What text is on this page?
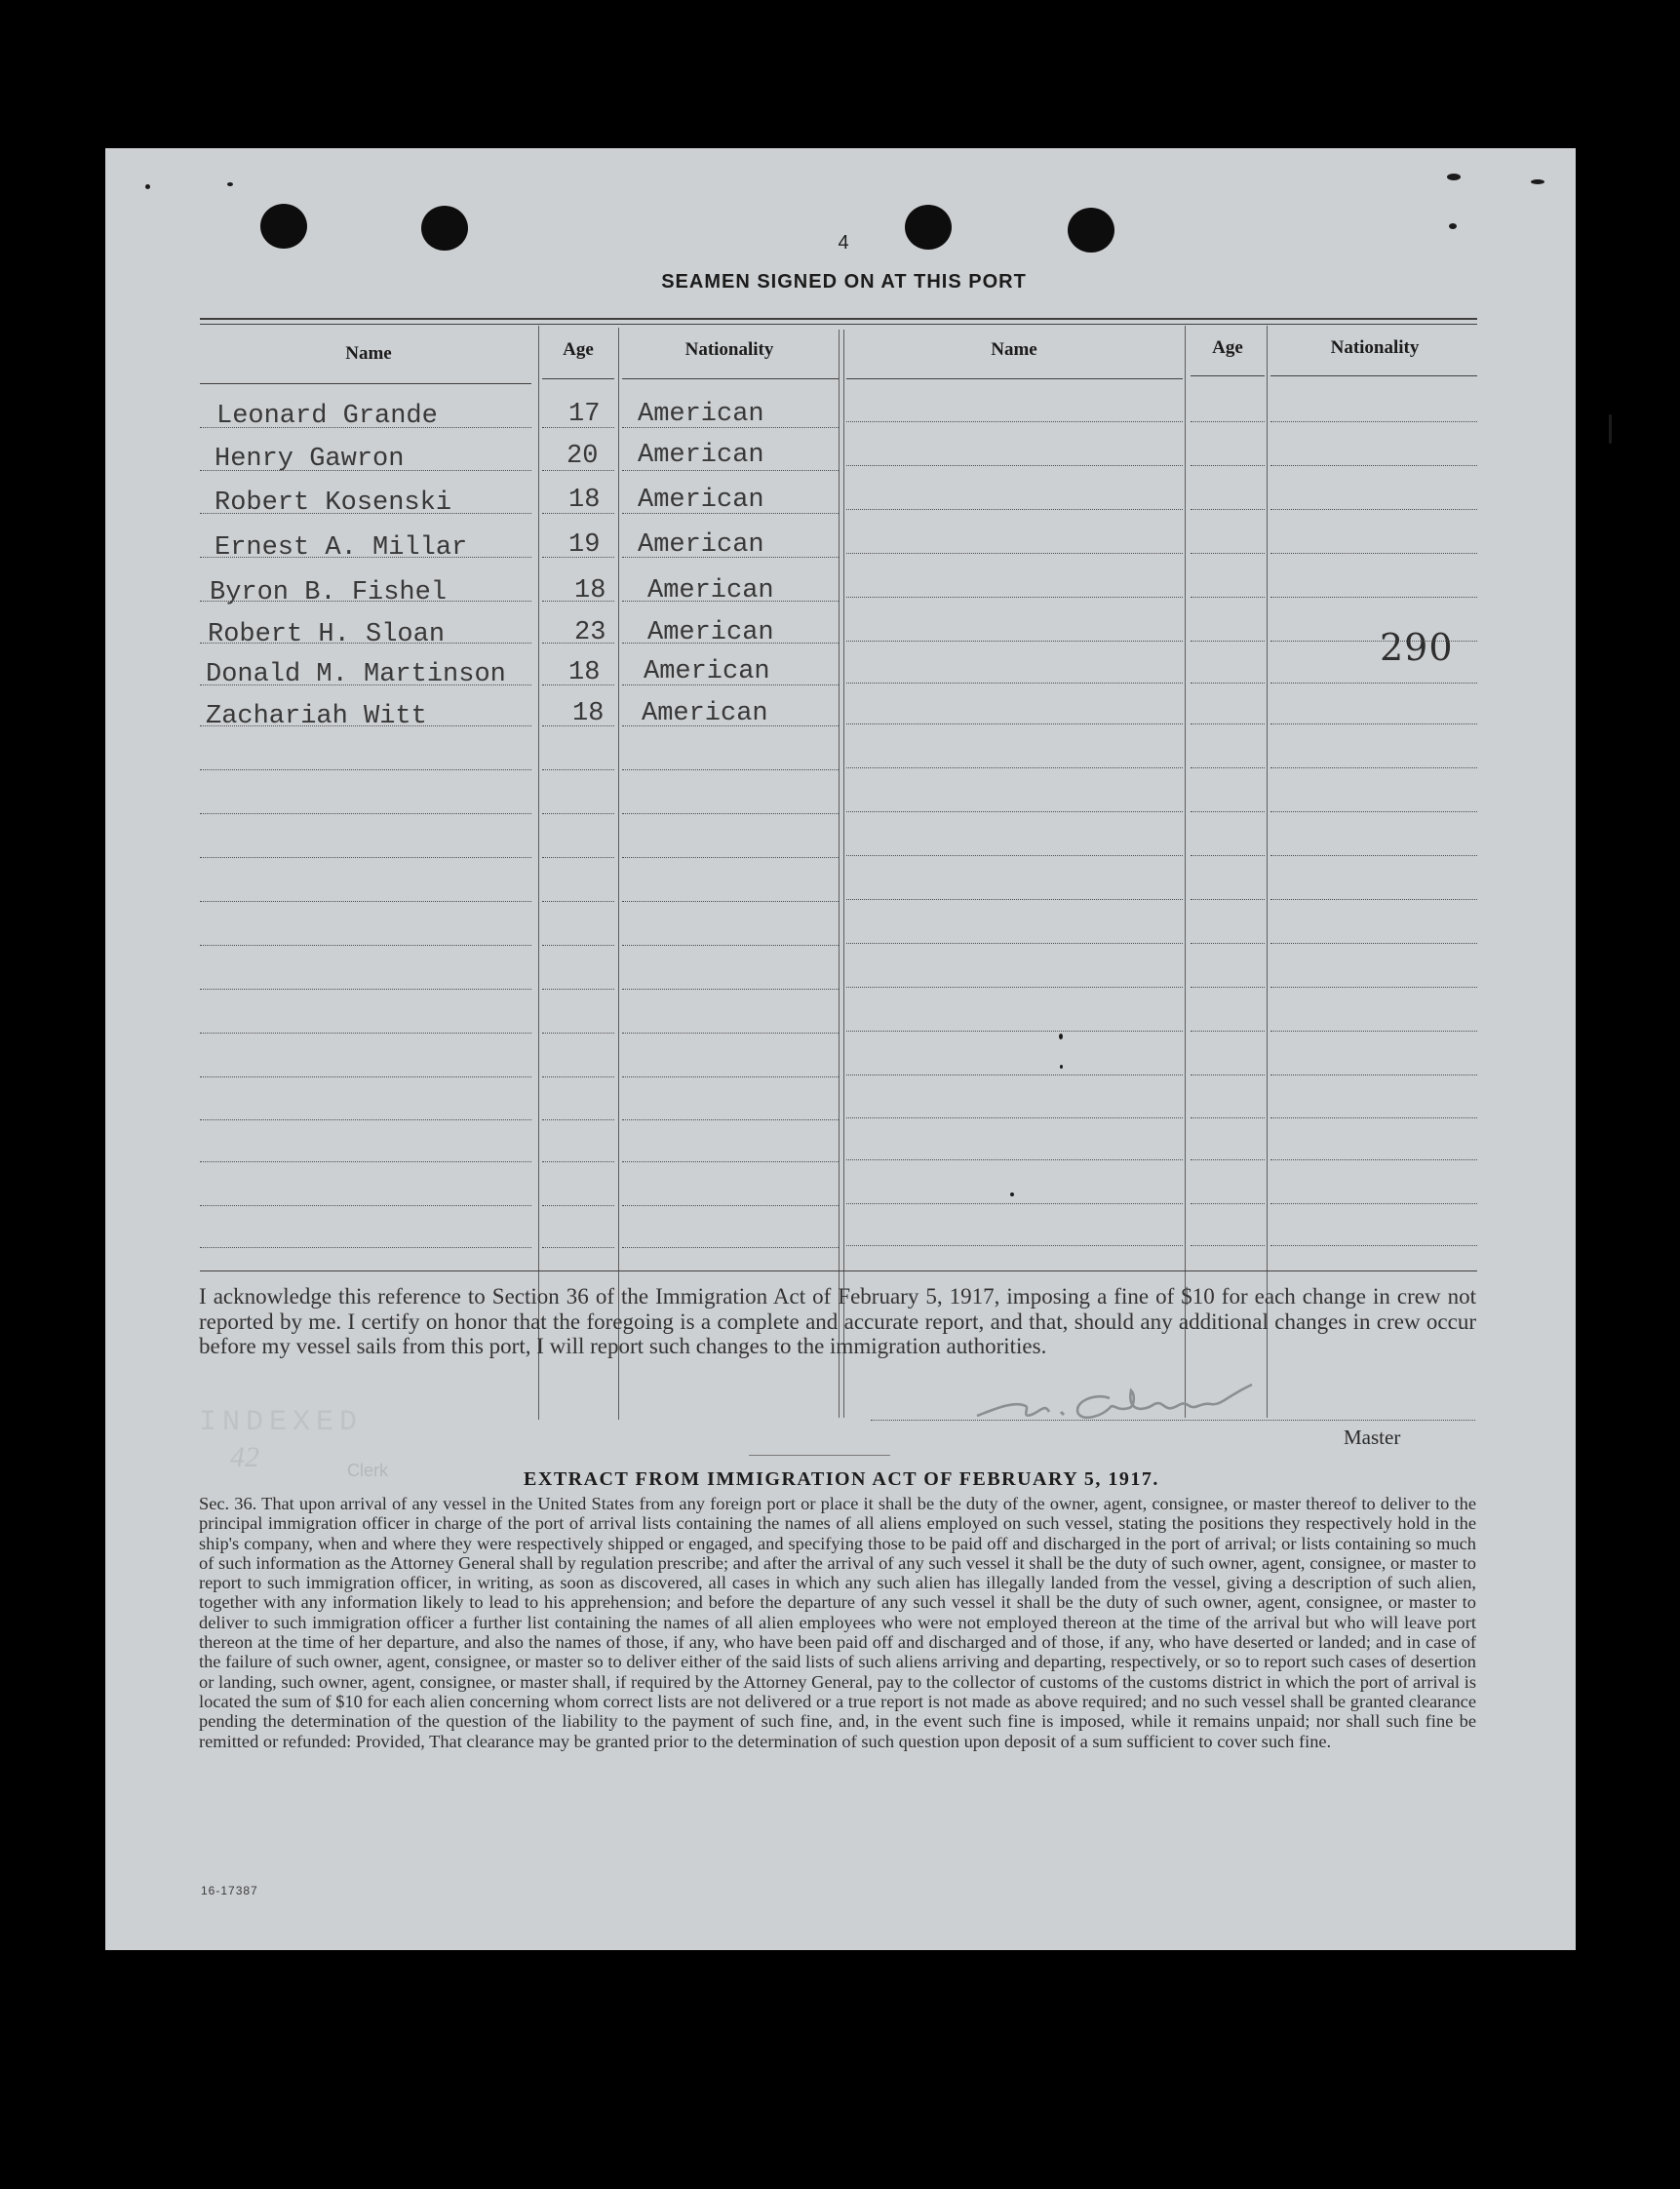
4
SEAMEN SIGNED ON AT THIS PORT
Name	Age	Nationality	Name	Age	Nationality
Leonard Grande	17 American
Henry Gawron	20 American
Robert Kosenski	18 American
Ernest A. Millar	19 American
Byron B. Fishel	18 American
Robert H. Sloan	23 American
Donald M. Martinson 18 American
Zachariah Witt	18 American
290
I acknowledge this reference to Section 36 of the Immigration Act of February 5, 1917, imposing a fine of $10 for each change in crew not reported by me. I certify on honor that the foregoing is a complete and accurate report, and that, should any additional changes in crew occur before my vessel sails from this port, I will report such changes to the immigration authorities.
INDEXED
42	Clerk
Master
EXTRACT FROM IMMIGRATION ACT OF FEBRUARY 5, 1917.
Sec. 36. That upon arrival of any vessel in the United States from any foreign port or place it shall be the duty of the owner, agent, consignee, or master thereof to deliver to the principal immigration officer in charge of the port of arrival lists containing the names of all aliens employed on such vessel, stating the positions they respectively hold in the ship's company, when and where they were respectively shipped or engaged, and specifying those to be paid off and discharged in the port of arrival; or lists containing so much of such information as the Attorney General shall by regulation prescribe; and after the arrival of any such vessel it shall be the duty of such owner, agent, consignee, or master to report to such immigration officer, in writing, as soon as discovered, all cases in which any such alien has illegally landed from the vessel, giving a description of such alien, together with any information likely to lead to his apprehension; and before the departure of any such vessel it shall be the duty of such owner, agent, consignee, or master to deliver to such immigration officer a further list containing the names of all alien employees who were not employed thereon at the time of the arrival but who will leave port thereon at the time of her departure, and also the names of those, if any, who have been paid off and discharged and of those, if any, who have deserted or landed; and in case of the failure of such owner, agent, consignee, or master so to deliver either of the said lists of such aliens arriving and departing, respectively, or so to report such cases of desertion or landing, such owner, agent, consignee, or master shall, if required by the Attorney General, pay to the collector of customs of the customs district in which the port of arrival is located the sum of $10 for each alien concerning whom correct lists are not delivered or a true report is not made as above required; and no such vessel shall be granted clearance pending the determination of the question of the liability to the payment of such fine, and, in the event such fine is imposed, while it remains unpaid; nor shall such fine be remitted or refunded: Provided, That clearance may be granted prior to the determination of such question upon deposit of a sum sufficient to cover such fine.
16-17387
